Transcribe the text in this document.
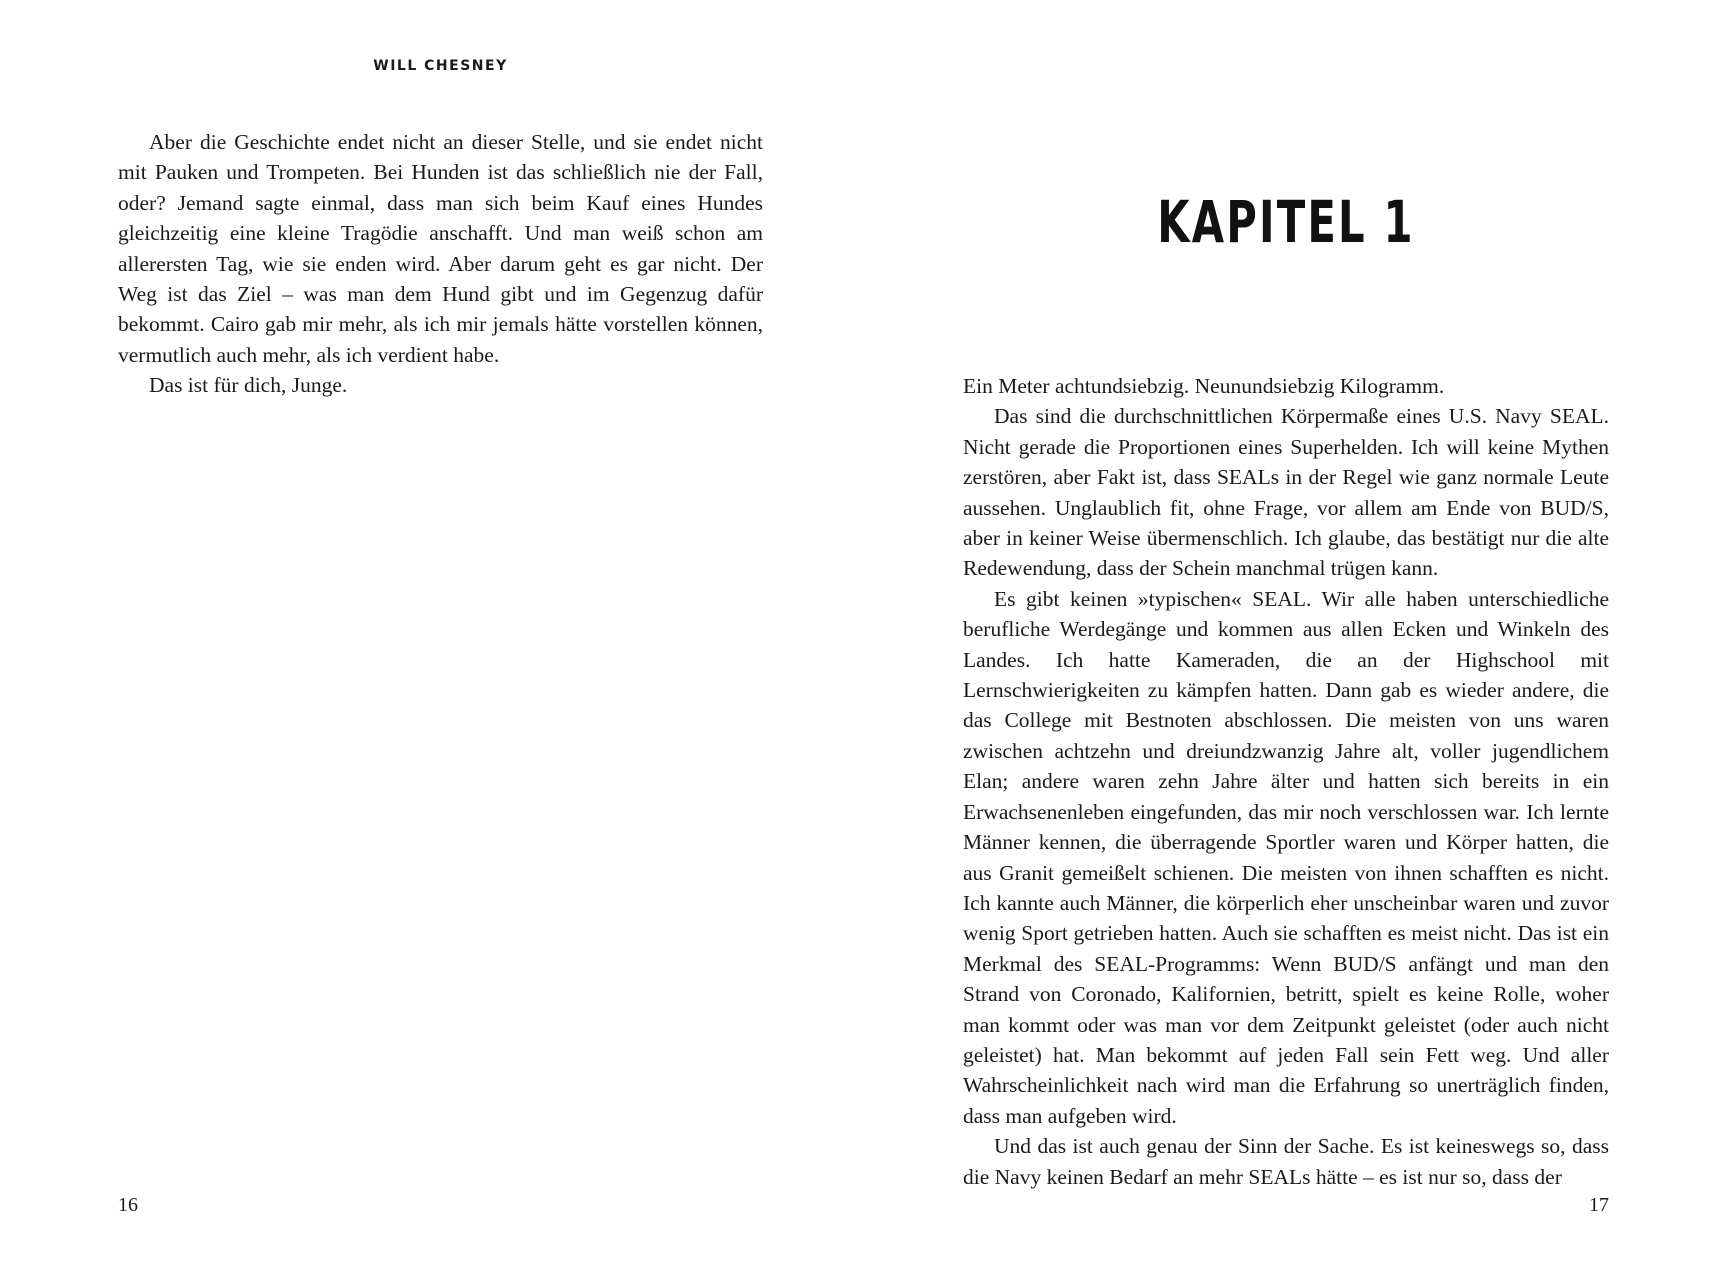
WILL CHESNEY

Aber die Geschichte endet nicht an dieser Stelle, und sie endet nicht mit Pauken und Trompeten. Bei Hunden ist das schließlich nie der Fall, oder? Jemand sagte einmal, dass man sich beim Kauf eines Hundes gleichzeitig eine kleine Tragödie anschafft. Und man weiß schon am allerersten Tag, wie sie enden wird. Aber darum geht es gar nicht. Der Weg ist das Ziel – was man dem Hund gibt und im Gegenzug dafür bekommt. Cairo gab mir mehr, als ich mir jemals hätte vorstellen können, vermutlich auch mehr, als ich verdient habe.

Das ist für dich, Junge.

16
KAPITEL 1

Ein Meter achtundsiebzig. Neunundsiebzig Kilogramm.

Das sind die durchschnittlichen Körpermaße eines U.S. Navy SEAL. Nicht gerade die Proportionen eines Superhelden. Ich will keine Mythen zerstören, aber Fakt ist, dass SEALs in der Regel wie ganz normale Leute aussehen. Unglaublich fit, ohne Frage, vor allem am Ende von BUD/S, aber in keiner Weise übermenschlich. Ich glaube, das bestätigt nur die alte Redewendung, dass der Schein manchmal trügen kann.

Es gibt keinen »typischen« SEAL. Wir alle haben unterschiedliche berufliche Werdegänge und kommen aus allen Ecken und Winkeln des Landes. Ich hatte Kameraden, die an der Highschool mit Lernschwierigkeiten zu kämpfen hatten. Dann gab es wieder andere, die das College mit Bestnoten abschlossen. Die meisten von uns waren zwischen achtzehn und dreiundzwanzig Jahre alt, voller jugendlichem Elan; andere waren zehn Jahre älter und hatten sich bereits in ein Erwachsenenleben eingefunden, das mir noch verschlossen war. Ich lernte Männer kennen, die überragende Sportler waren und Körper hatten, die aus Granit gemeißelt schienen. Die meisten von ihnen schafften es nicht. Ich kannte auch Männer, die körperlich eher unscheinbar waren und zuvor wenig Sport getrieben hatten. Auch sie schafften es meist nicht. Das ist ein Merkmal des SEAL-Programms: Wenn BUD/S anfängt und man den Strand von Coronado, Kalifornien, betritt, spielt es keine Rolle, woher man kommt oder was man vor dem Zeitpunkt geleistet (oder auch nicht geleistet) hat. Man bekommt auf jeden Fall sein Fett weg. Und aller Wahrscheinlichkeit nach wird man die Erfahrung so unerträglich finden, dass man aufgeben wird.

Und das ist auch genau der Sinn der Sache. Es ist keineswegs so, dass die Navy keinen Bedarf an mehr SEALs hätte – es ist nur so, dass der

17
